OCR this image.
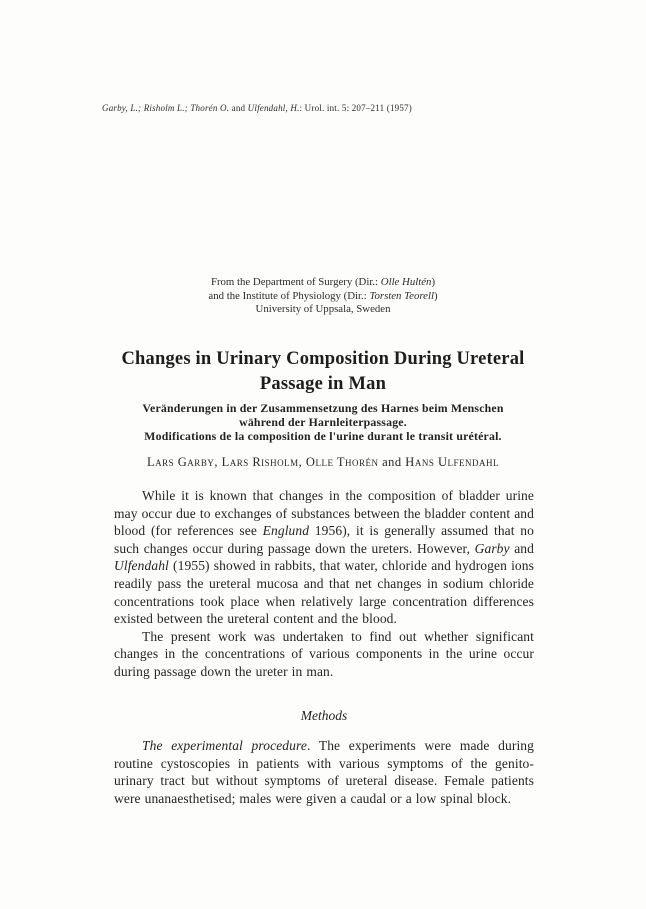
Garby, L.; Risholm L.; Thorén O. and Ulfendahl, H.: Urol. int. 5: 207–211 (1957)
From the Department of Surgery (Dir.: Olle Hultén)
and the Institute of Physiology (Dir.: Torsten Teorell)
University of Uppsala, Sweden
Changes in Urinary Composition During Ureteral
Passage in Man
Veränderungen in der Zusammensetzung des Harnes beim Menschen
während der Harnleiterpassage.
Modifications de la composition de l'urine durant le transit urétéral.
Lars Garby, Lars Risholm, Olle Thorén and Hans Ulfendahl

While it is known that changes in the composition of bladder urine may occur due to exchanges of substances between the bladder content and blood (for references see Englund 1956), it is generally assumed that no such changes occur during passage down the ureters. However, Garby and Ulfendahl (1955) showed in rabbits, that water, chloride and hydrogen ions readily pass the ureteral mucosa and that net changes in sodium chloride concentrations took place when relatively large concentration differences existed between the ureteral content and the blood.

The present work was undertaken to find out whether significant changes in the concentrations of various components in the urine occur during passage down the ureter in man.

Methods

The experimental procedure. The experiments were made during routine cystoscopies in patients with various symptoms of the genito-urinary tract but without symptoms of ureteral disease. Female patients were unanaesthetised; males were given a caudal or a low spinal block.
